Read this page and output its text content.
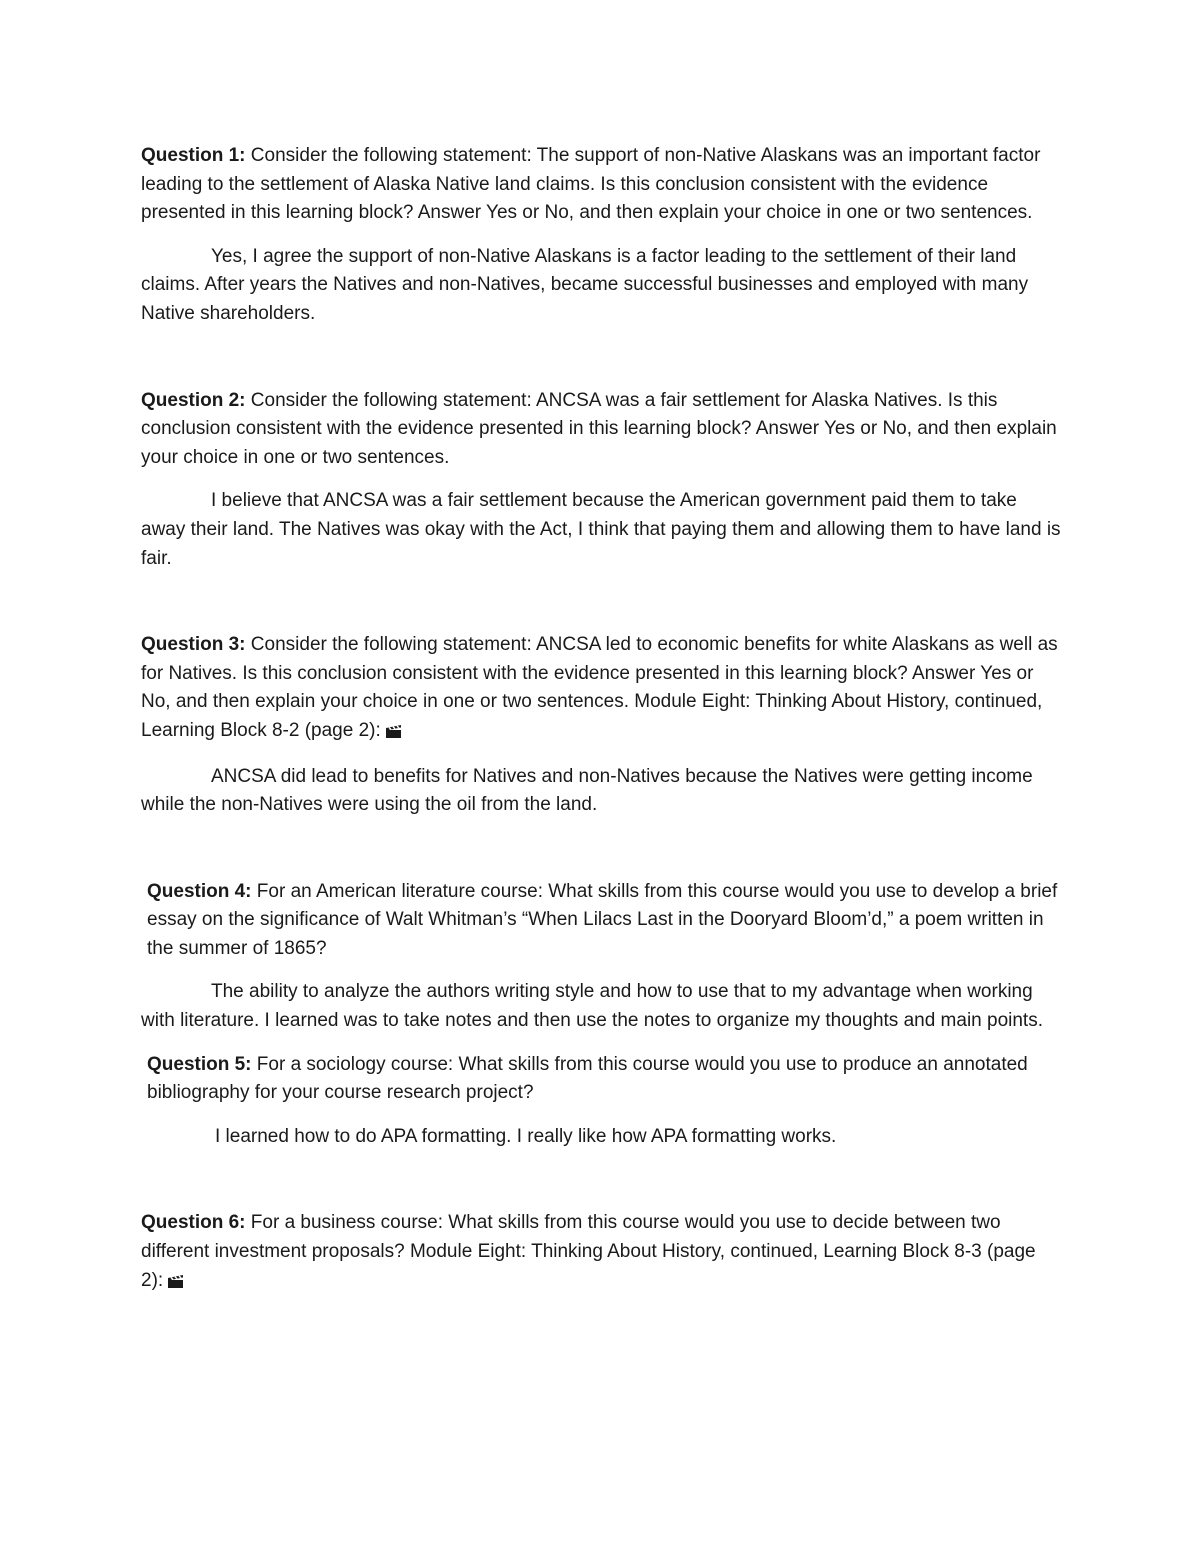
Question 1: Consider the following statement: The support of non-Native Alaskans was an important factor leading to the settlement of Alaska Native land claims. Is this conclusion consistent with the evidence presented in this learning block? Answer Yes or No, and then explain your choice in one or two sentences.

Yes, I agree the support of non-Native Alaskans is a factor leading to the settlement of their land claims. After years the Natives and non-Natives, became successful businesses and employed with many Native shareholders.

Question 2: Consider the following statement: ANCSA was a fair settlement for Alaska Natives. Is this conclusion consistent with the evidence presented in this learning block? Answer Yes or No, and then explain your choice in one or two sentences.

I believe that ANCSA was a fair settlement because the American government paid them to take away their land. The Natives was okay with the Act, I think that paying them and allowing them to have land is fair.

Question 3: Consider the following statement: ANCSA led to economic benefits for white Alaskans as well as for Natives. Is this conclusion consistent with the evidence presented in this learning block? Answer Yes or No, and then explain your choice in one or two sentences. Module Eight: Thinking About History, continued, Learning Block 8-2 (page 2):

ANCSA did lead to benefits for Natives and non-Natives because the Natives were getting income while the non-Natives were using the oil from the land.

Question 4: For an American literature course: What skills from this course would you use to develop a brief essay on the significance of Walt Whitman’s “When Lilacs Last in the Dooryard Bloom’d,” a poem written in the summer of 1865?

The ability to analyze the authors writing style and how to use that to my advantage when working with literature. I learned was to take notes and then use the notes to organize my thoughts and main points.

Question 5: For a sociology course: What skills from this course would you use to produce an annotated bibliography for your course research project?

I learned how to do APA formatting. I really like how APA formatting works.

Question 6: For a business course: What skills from this course would you use to decide between two different investment proposals? Module Eight: Thinking About History, continued, Learning Block 8-3 (page 2):
